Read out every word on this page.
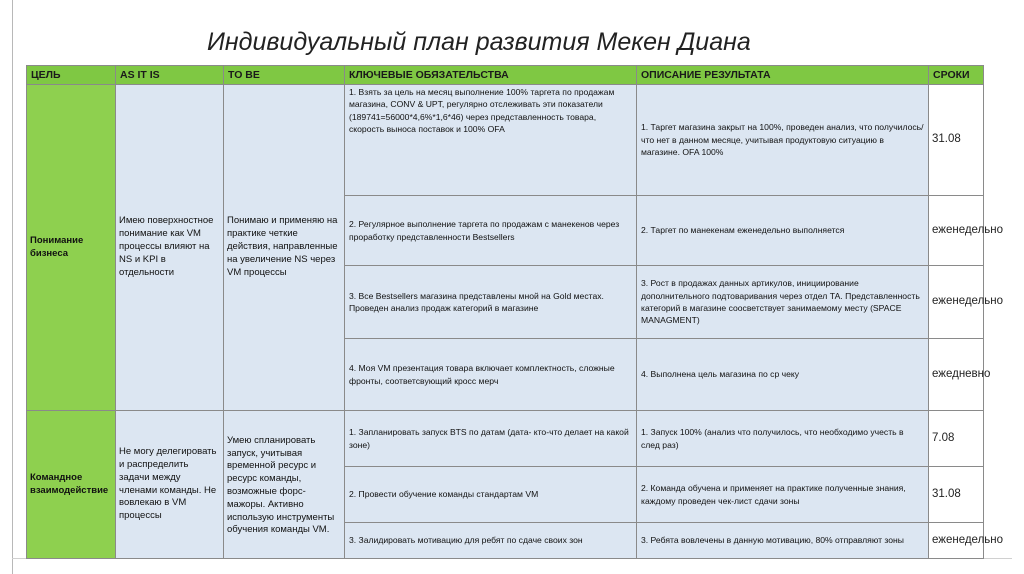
Индивидуальный план развития Мекен Диана
ЦЕЛЬ	AS IT IS	TO BE	КЛЮЧЕВЫЕ ОБЯЗАТЕЛЬСТВА	ОПИСАНИЕ РЕЗУЛЬТАТА	СРОКИ
Понимание бизнеса	Имею поверхностное понимание как VM процессы влияют на NS и KPI в отдельности	Понимаю и применяю на практике четкие действия, направленные на увеличение NS через VM процессы	1. Взять за цель на месяц выполнение 100% таргета по продажам магазина, CONV & UPT, регулярно отслеживать эти показатели (189741=56000*4,6%*1,6*46) через представленность товара, скорость выноса поставок и 100% OFA	1. Таргет магазина закрыт на 100%, проведен анализ, что получилось/что нет в данном месяце, учитывая продуктовую ситуацию в магазине. OFA 100%	31.08
			2. Регулярное выполнение таргета по продажам с манекенов через проработку представленности Bestsellers	2. Таргет по манекенам еженедельно выполняется	еженедельно
			3. Все Bestsellers магазина представлены мной на Gold местах. Проведен анализ продаж категорий в магазине	3. Рост в продажах данных артикулов, инициирование дополнительного подтоваривания через отдел ТА. Представленность категорий в магазине соосветствует занимаемому месту (SPACE MANAGMENT)	еженедельно
			4. Моя VM презентация товара включает комплектность, сложные фронты, соответсвующий кросс мерч	4. Выполнена цель магазина по ср чеку	ежедневно
Командное взаимодействие	Не могу делегировать и распределить задачи между членами команды. Не вовлекаю в VM процессы	Умею спланировать запуск, учитывая временной ресурс и ресурс команды, возможные форс-мажоры. Активно использую инструменты обучения команды VM.	1. Запланировать запуск BTS по датам (дата- кто-что делает на какой зоне)	1. Запуск 100% (анализ что получилось, что необходимо учесть в след раз)	7.08
			2. Провести обучение команды стандартам VM	2. Команда обучена и применяет на практике полученные знания, каждому проведен чек-лист сдачи зоны	31.08
			3. Залидировать мотивацию для ребят по сдаче своих зон	3. Ребята вовлечены в данную мотивацию, 80% отправляют зоны	еженедельно
